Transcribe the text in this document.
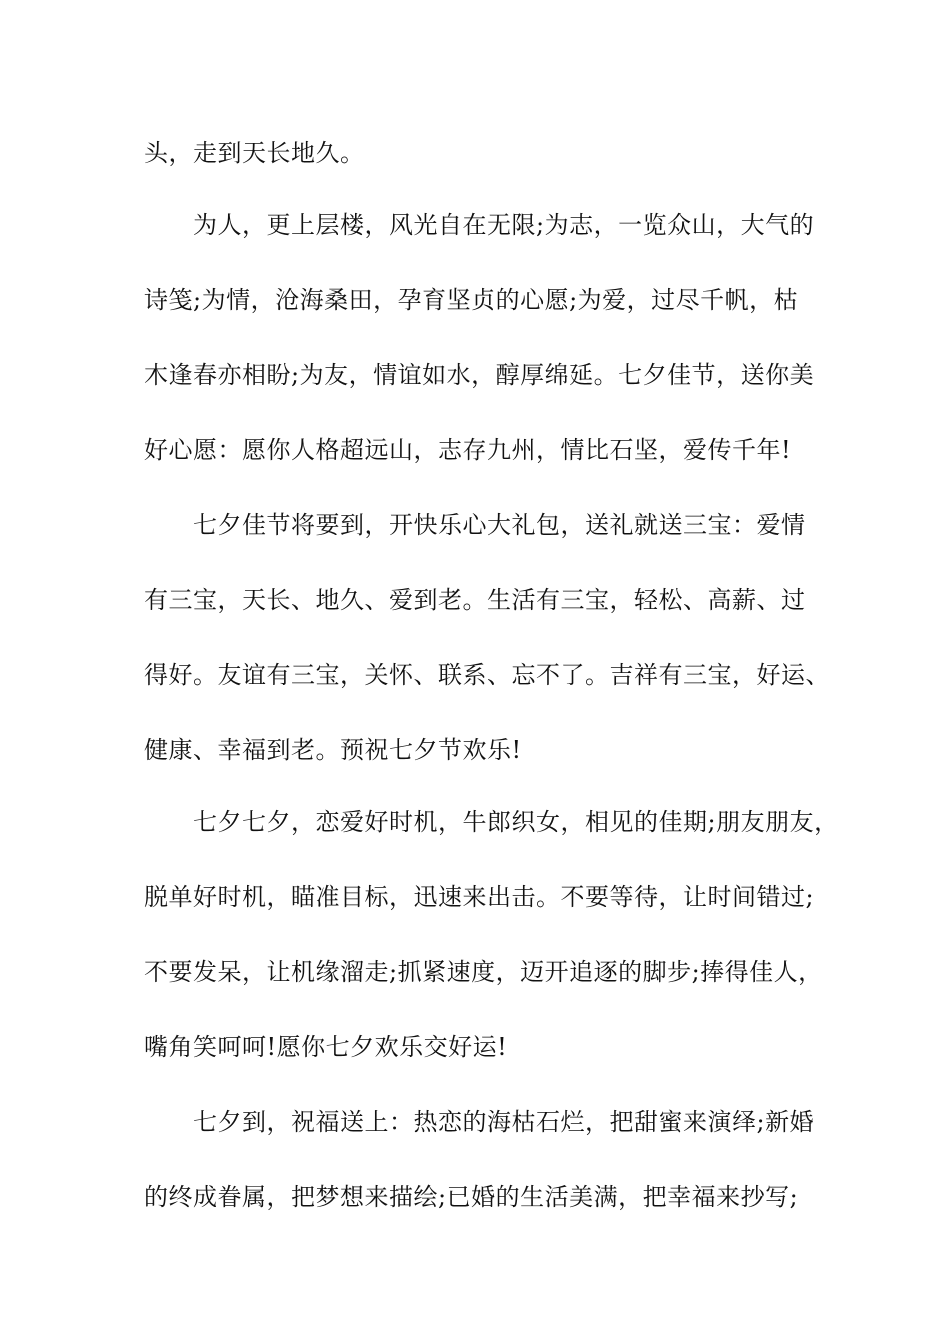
头，走到天长地久。
为人，更上层楼，风光自在无限;为志，一览众山，大气的
诗笺;为情，沧海桑田，孕育坚贞的心愿;为爱，过尽千帆，枯
木逢春亦相盼;为友，情谊如水，醇厚绵延。七夕佳节，送你美
好心愿：愿你人格超远山，志存九州，情比石坚，爱传千年!
七夕佳节将要到，开快乐心大礼包，送礼就送三宝：爱情
有三宝，天长、地久、爱到老。生活有三宝，轻松、高薪、过
得好。友谊有三宝，关怀、联系、忘不了。吉祥有三宝，好运、
健康、幸福到老。预祝七夕节欢乐!
七夕七夕，恋爱好时机，牛郎织女，相见的佳期;朋友朋友，
脱单好时机，瞄准目标，迅速来出击。不要等待，让时间错过;
不要发呆，让机缘溜走;抓紧速度，迈开追逐的脚步;捧得佳人，
嘴角笑呵呵!愿你七夕欢乐交好运!
七夕到，祝福送上：热恋的海枯石烂，把甜蜜来演绎;新婚
的终成眷属，把梦想来描绘;已婚的生活美满，把幸福来抄写;
